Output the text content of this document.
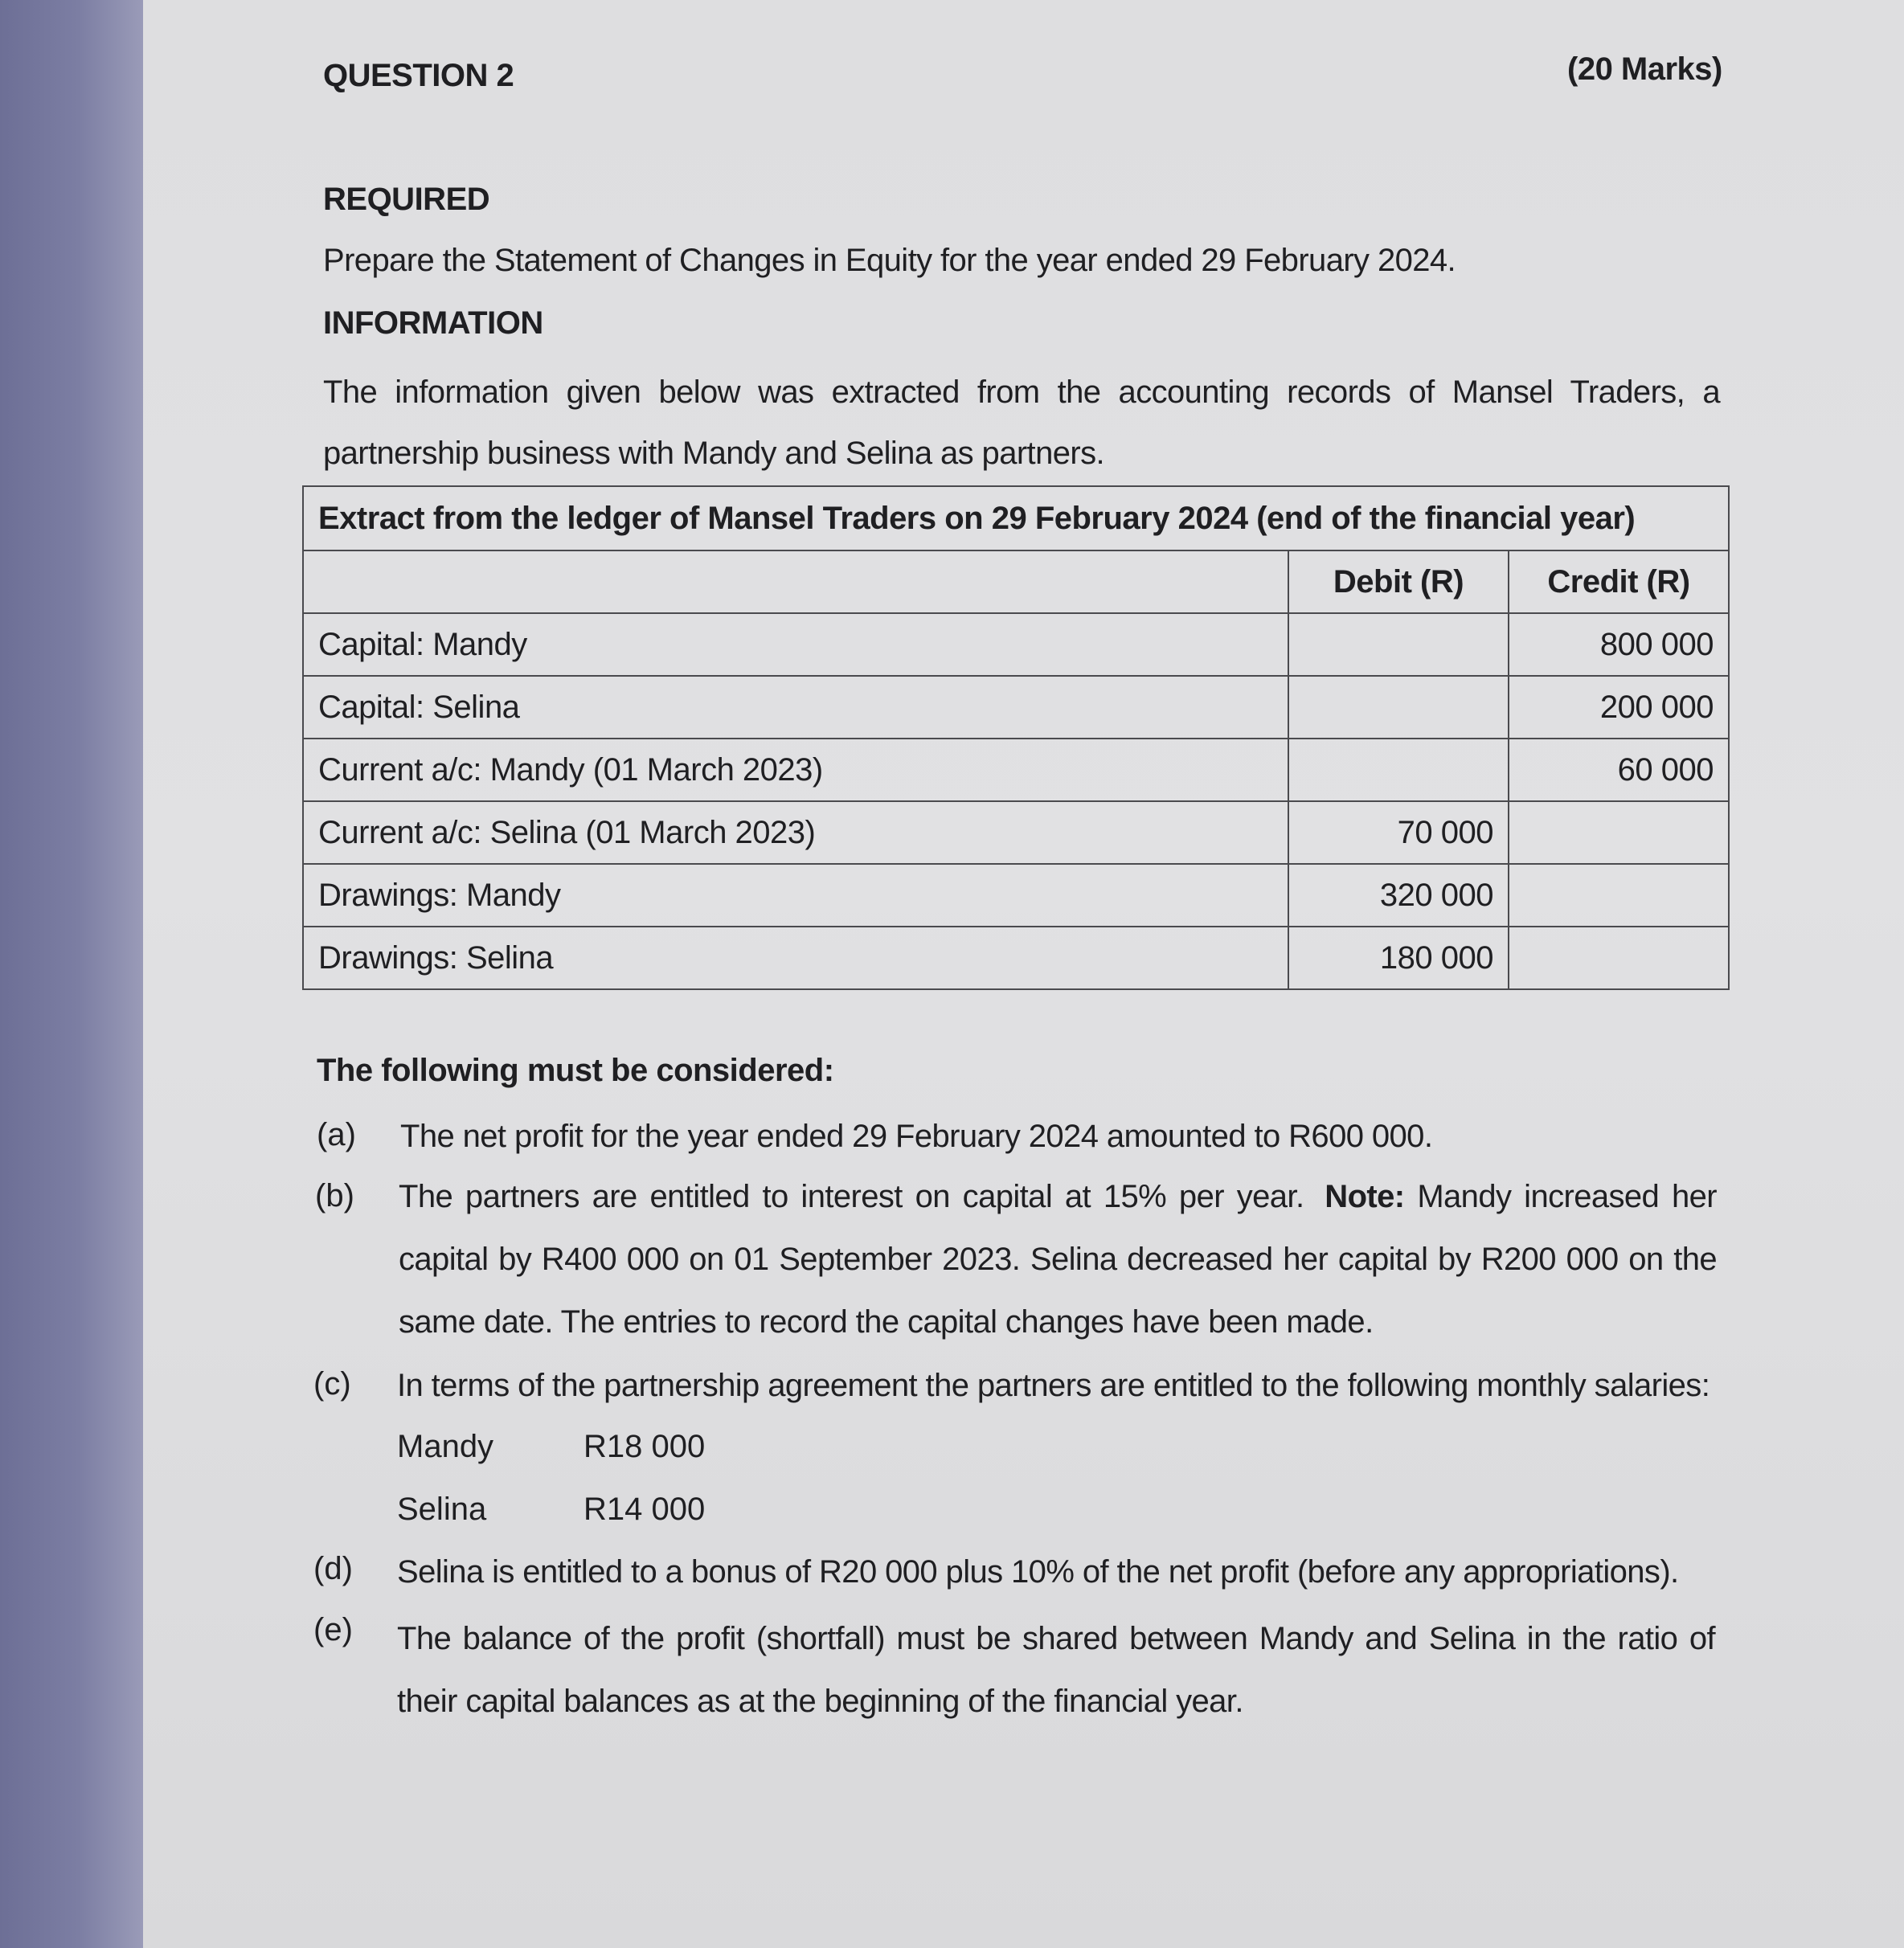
QUESTION 2	(20 Marks)
REQUIRED
Prepare the Statement of Changes in Equity for the year ended 29 February 2024.
INFORMATION
The information given below was extracted from the accounting records of Mansel Traders, a partnership business with Mandy and Selina as partners.
Extract from the ledger of Mansel Traders on 29 February 2024 (end of the financial year)		
	Debit (R)	Credit (R)
Capital: Mandy		800 000
Capital: Selina		200 000
Current a/c: Mandy (01 March 2023)		60 000
Current a/c: Selina (01 March 2023)	70 000	
Drawings: Mandy	320 000	
Drawings: Selina	180 000	
The following must be considered:
(a) The net profit for the year ended 29 February 2024 amounted to R600 000.
(b) The partners are entitled to interest on capital at 15% per year. Note: Mandy increased her capital by R400 000 on 01 September 2023. Selina decreased her capital by R200 000 on the same date. The entries to record the capital changes have been made.
(c) In terms of the partnership agreement the partners are entitled to the following monthly salaries:
Mandy	R18 000
Selina	R14 000
(d) Selina is entitled to a bonus of R20 000 plus 10% of the net profit (before any appropriations).
(e) The balance of the profit (shortfall) must be shared between Mandy and Selina in the ratio of their capital balances as at the beginning of the financial year.
